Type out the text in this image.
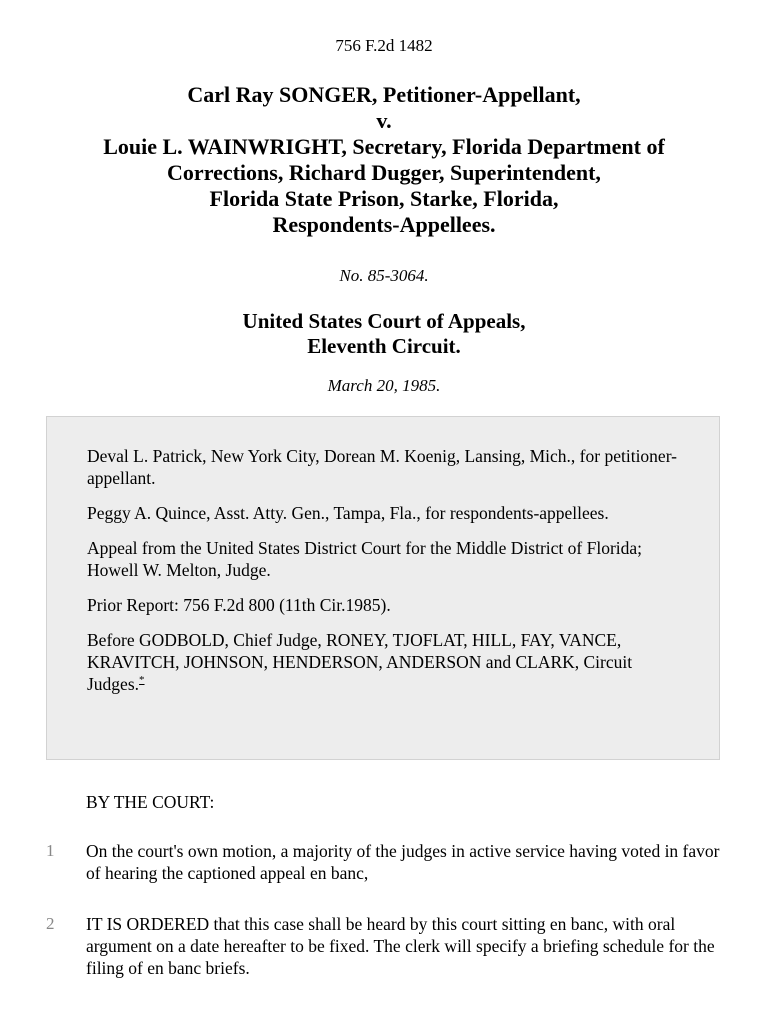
756 F.2d 1482
Carl Ray SONGER, Petitioner-Appellant,
v.
Louie L. WAINWRIGHT, Secretary, Florida Department of
Corrections, Richard Dugger, Superintendent,
Florida State Prison, Starke, Florida,
Respondents-Appellees.
No. 85-3064.
United States Court of Appeals,
Eleventh Circuit.
March 20, 1985.

Deval L. Patrick, New York City, Dorean M. Koenig, Lansing, Mich., for petitioner-appellant.

Peggy A. Quince, Asst. Atty. Gen., Tampa, Fla., for respondents-appellees.

Appeal from the United States District Court for the Middle District of Florida; Howell W. Melton, Judge.

Prior Report: 756 F.2d 800 (11th Cir.1985).

Before GODBOLD, Chief Judge, RONEY, TJOFLAT, HILL, FAY, VANCE, KRAVITCH, JOHNSON, HENDERSON, ANDERSON and CLARK, Circuit Judges.*

BY THE COURT:
1 On the court's own motion, a majority of the judges in active service having voted in favor of hearing the captioned appeal en banc,
2 IT IS ORDERED that this case shall be heard by this court sitting en banc, with oral argument on a date hereafter to be fixed. The clerk will specify a briefing schedule for the filing of en banc briefs.
